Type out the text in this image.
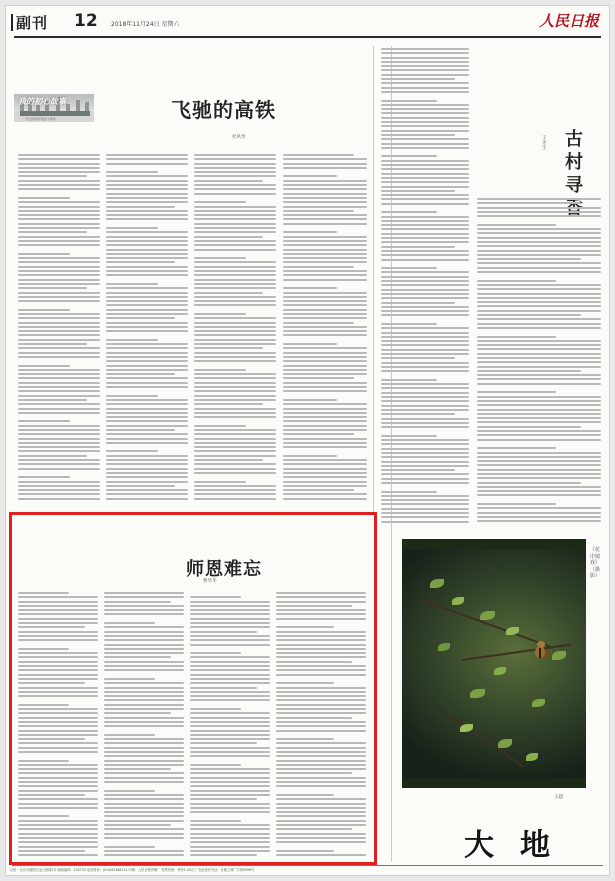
副刊 12 2018年11月24日 星期六	人民日报
我的初心故事
纪念改革开放四十周年	飞驰的高铁
杜风寿	古村寻
王见生
师恩难忘
曹华华
《花中嬉戏》（摄影）
王超
大地
社址：北京市朝阳区金台西路2号 邮政编码：100733 电话查询：(010)65368114 印刷：人民日报印刷厂 零售价格：每份1.50元 广告经营许可证：京朝工商广字第0098号
